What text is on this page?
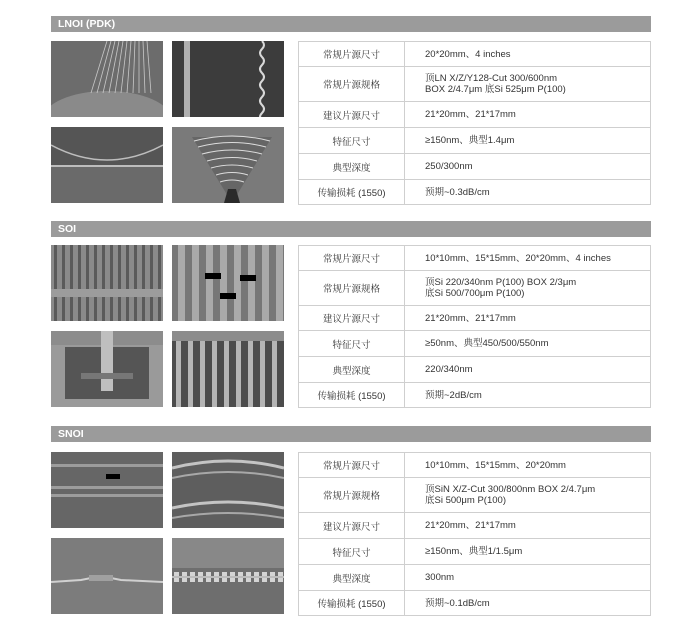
LNOI (PDK)
常规片源尺寸	20*20mm、4 inches

常规片源规格	顶LN X/Z/Y128-Cut 300/600nm
BOX 2/4.7μm 底Si 525μm P(100)

建议片源尺寸	21*20mm、21*17mm

特征尺寸	≥150nm、典型1.4μm

典型深度	250/300nm

传输损耗 (1550)	预期~0.3dB/cm
SOI
常规片源尺寸	10*10mm、15*15mm、20*20mm、4 inches

常规片源规格	顶Si 220/340nm P(100) BOX 2/3μm
底Si 500/700μm P(100)

建议片源尺寸	21*20mm、21*17mm

特征尺寸	≥50nm、典型450/500/550nm

典型深度	220/340nm

传输损耗 (1550)	预期~2dB/cm
SNOI
常规片源尺寸	10*10mm、15*15mm、20*20mm

常规片源规格	顶SiN X/Z-Cut 300/800nm BOX 2/4.7μm
底Si 500μm P(100)

建议片源尺寸	21*20mm、21*17mm

特征尺寸	≥150nm、典型1/1.5μm

典型深度	300nm

传输损耗 (1550)	预期~0.1dB/cm
